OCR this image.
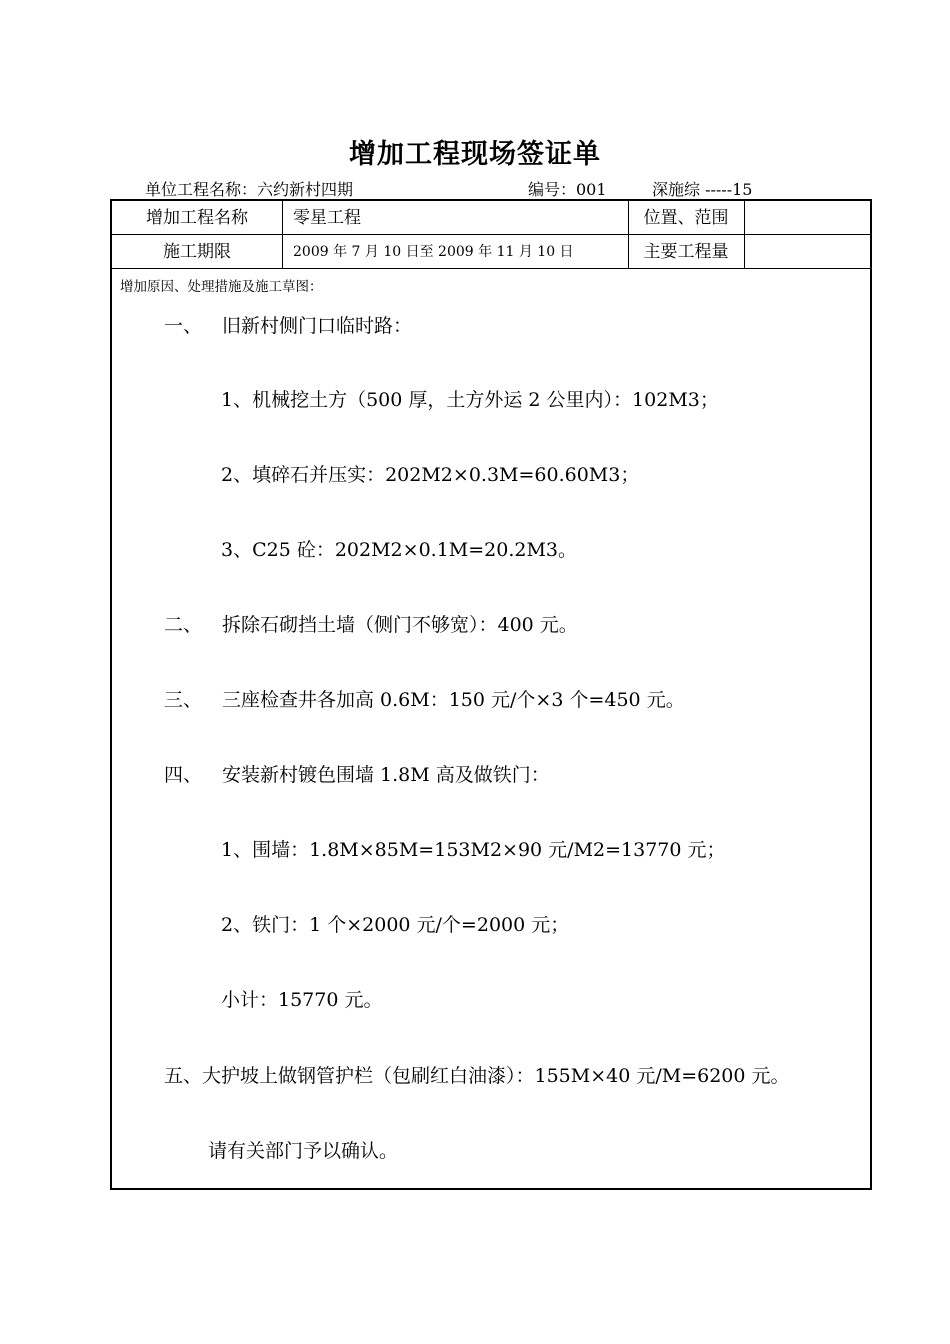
增加工程现场签证单
单位工程名称：六约新村四期	编号：001	深施综 -----15
增加工程名称	零星工程	位置、范围
施工期限	2009 年 7 月 10 日至 2009 年 11 月 10 日	主要工程量
增加原因、处理措施及施工草图：
一、 旧新村侧门口临时路：
1、机械挖土方（500 厚，土方外运 2 公里内）：102M3；
2、填碎石并压实：202M2×0.3M=60.60M3；
3、C25 砼：202M2×0.1M=20.2M3。
二、 拆除石砌挡土墙（侧门不够宽）：400 元。
三、 三座检查井各加高 0.6M：150 元/个×3 个=450 元。
四、 安装新村镀色围墙 1.8M 高及做铁门：
1、围墙：1.8M×85M=153M2×90 元/M2=13770 元；
2、铁门：1 个×2000 元/个=2000 元；
小计：15770 元。
五、大护坡上做钢管护栏（包刷红白油漆）：155M×40 元/M=6200 元。
请有关部门予以确认。
